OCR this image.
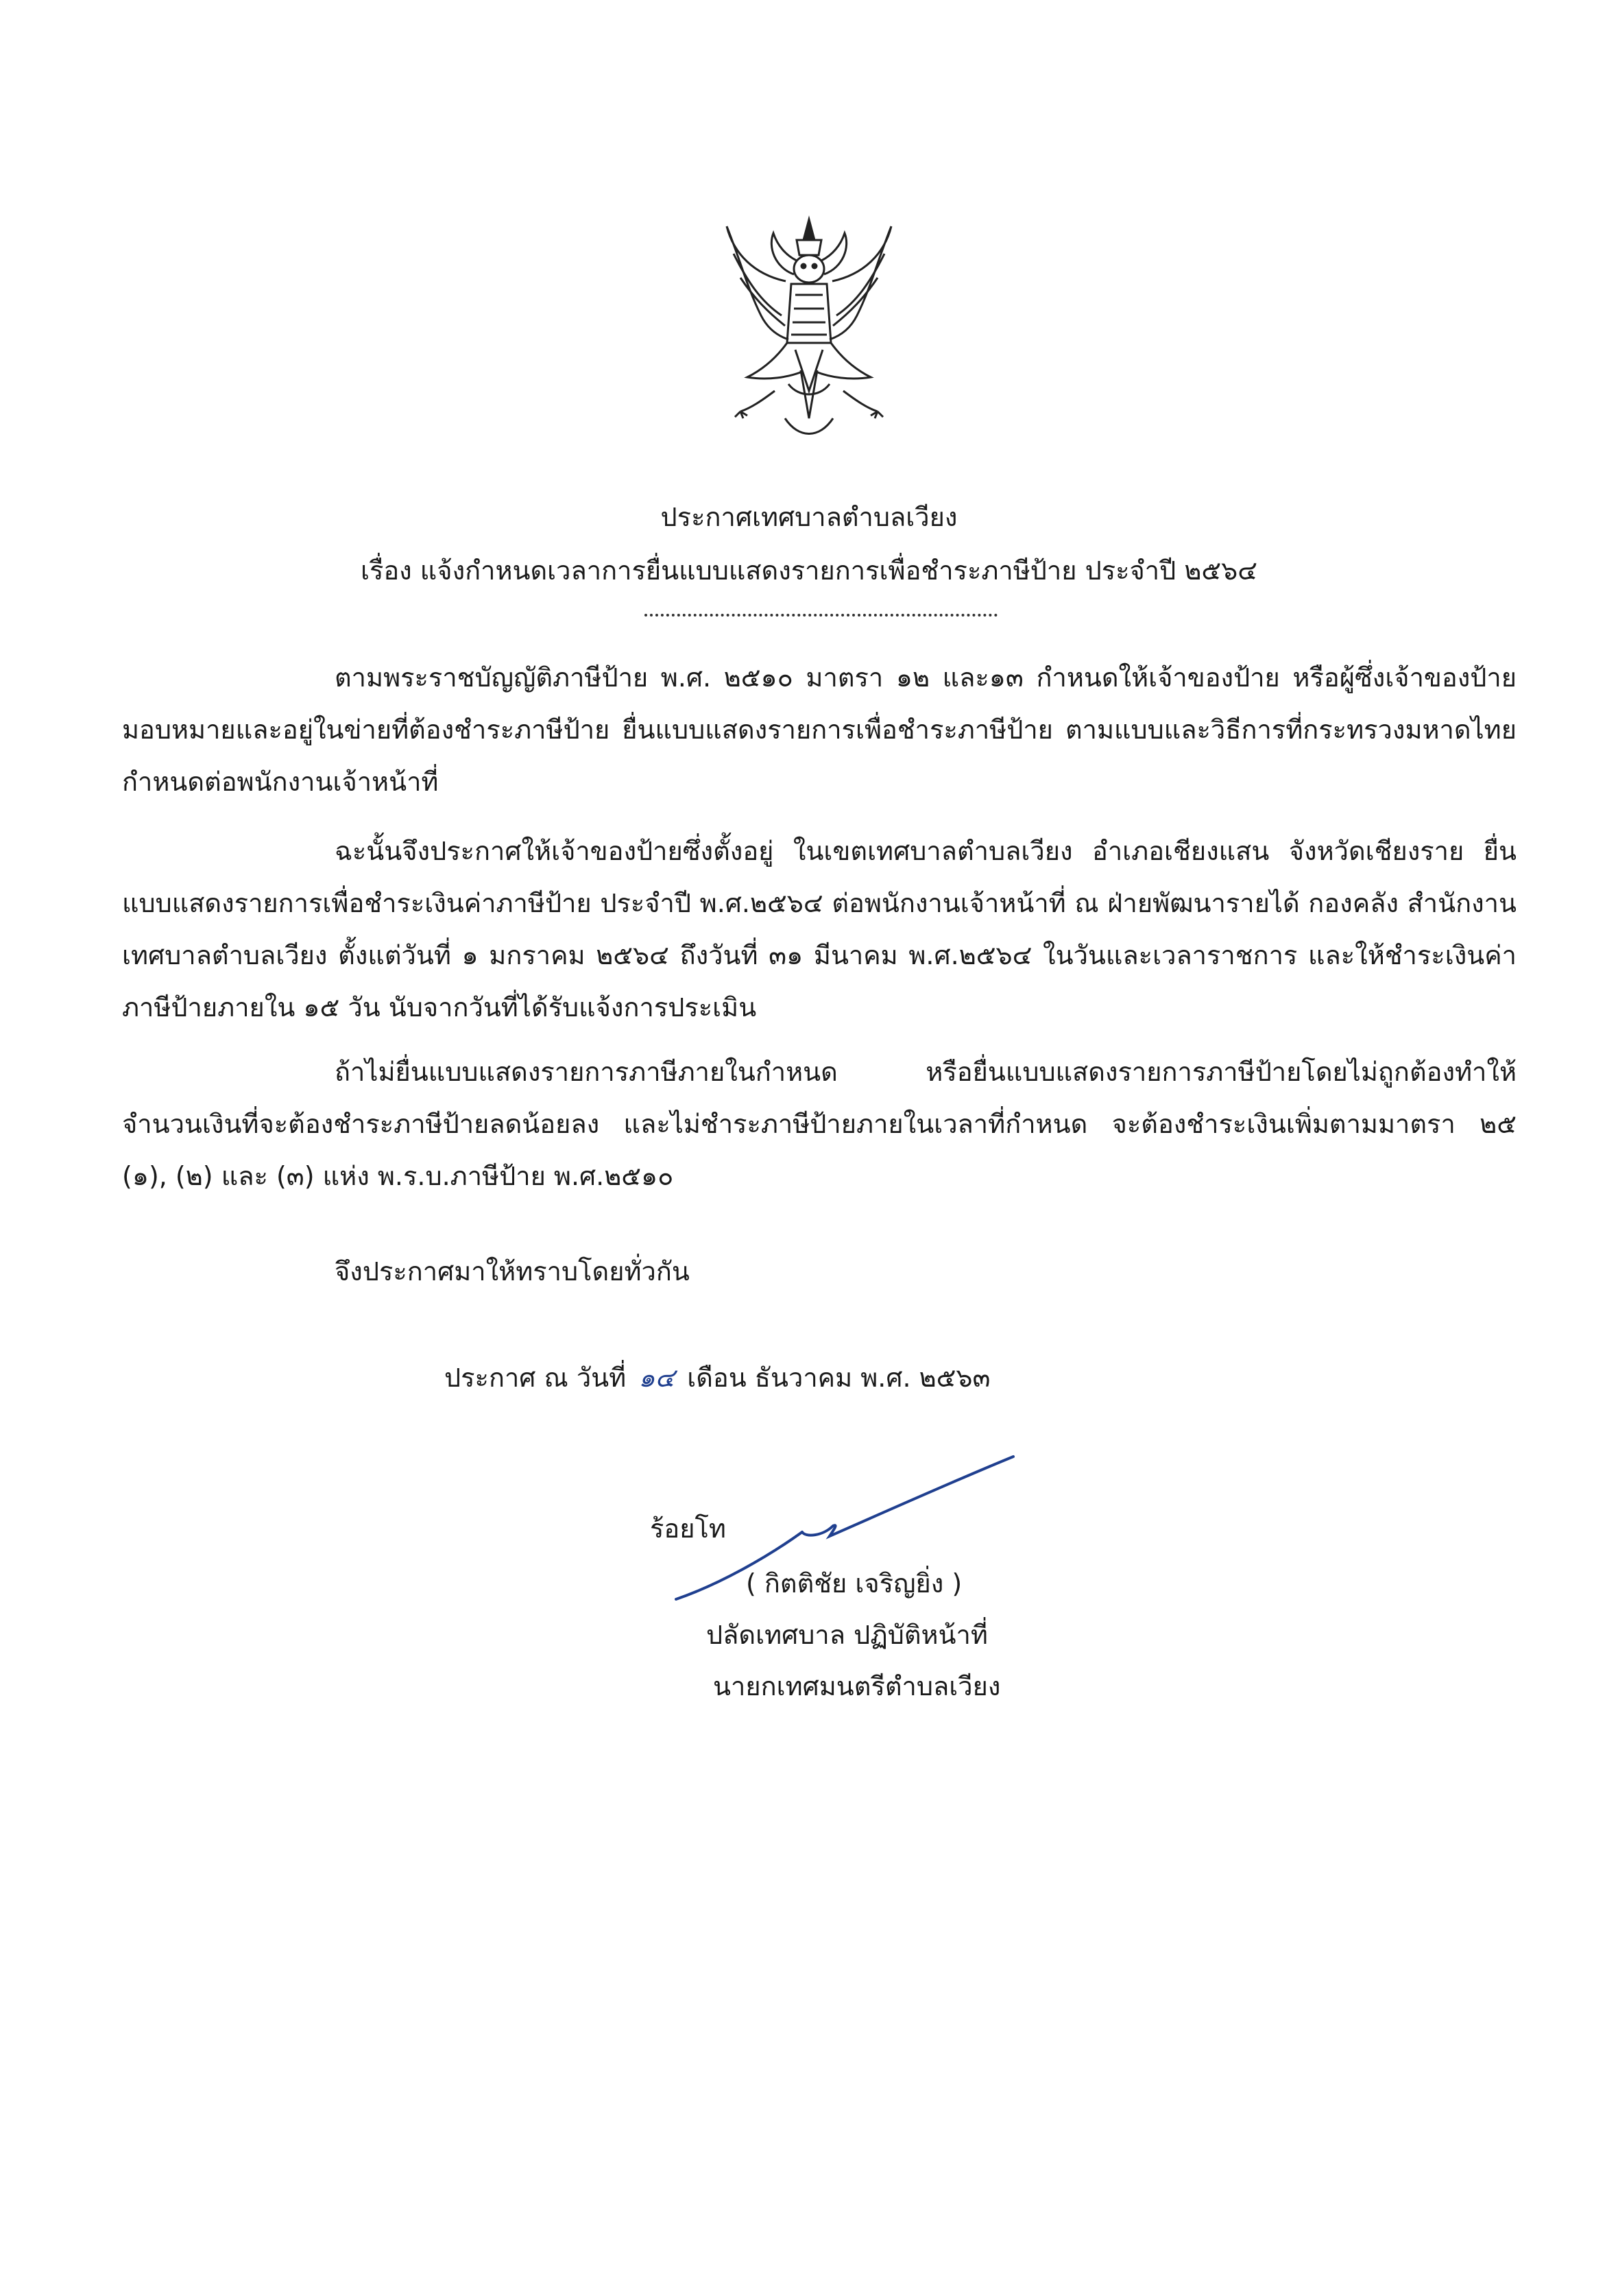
ประกาศเทศบาลตำบลเวียง
เรื่อง แจ้งกำหนดเวลาการยื่นแบบแสดงรายการเพื่อชำระภาษีป้าย ประจำปี ๒๕๖๔
ตามพระราชบัญญัติภาษีป้าย พ.ศ. ๒๕๑๐ มาตรา ๑๒ และ๑๓ กำหนดให้เจ้าของป้าย หรือผู้ซึ่งเจ้าของป้ายมอบหมายและอยู่ในข่ายที่ต้องชำระภาษีป้าย ยื่นแบบแสดงรายการเพื่อชำระภาษีป้าย ตามแบบและวิธีการที่กระทรวงมหาดไทยกำหนดต่อพนักงานเจ้าหน้าที่
ฉะนั้นจึงประกาศให้เจ้าของป้ายซึ่งตั้งอยู่ ในเขตเทศบาลตำบลเวียง อำเภอเชียงแสน จังหวัดเชียงราย ยื่นแบบแสดงรายการเพื่อชำระเงินค่าภาษีป้าย ประจำปี พ.ศ.๒๕๖๔ ต่อพนักงานเจ้าหน้าที่ ณ ฝ่ายพัฒนารายได้ กองคลัง สำนักงานเทศบาลตำบลเวียง ตั้งแต่วันที่ ๑ มกราคม ๒๕๖๔ ถึงวันที่ ๓๑ มีนาคม พ.ศ.๒๕๖๔ ในวันและเวลาราชการ และให้ชำระเงินค่าภาษีป้ายภายใน ๑๕ วัน นับจากวันที่ได้รับแจ้งการประเมิน
ถ้าไม่ยื่นแบบแสดงรายการภาษีภายในกำหนด หรือยื่นแบบแสดงรายการภาษีป้ายโดยไม่ถูกต้องทำให้จำนวนเงินที่จะต้องชำระภาษีป้ายลดน้อยลง และไม่ชำระภาษีป้ายภายในเวลาที่กำหนด จะต้องชำระเงินเพิ่มตามมาตรา ๒๕ (๑), (๒) และ (๓) แห่ง พ.ร.บ.ภาษีป้าย พ.ศ.๒๕๑๐
จึงประกาศมาให้ทราบโดยทั่วกัน
ประกาศ ณ วันที่ ๑๔ เดือน ธันวาคม พ.ศ. ๒๕๖๓
ร้อยโท
( กิตติชัย เจริญยิ่ง )
ปลัดเทศบาล ปฏิบัติหน้าที่
นายกเทศมนตรีตำบลเวียง
